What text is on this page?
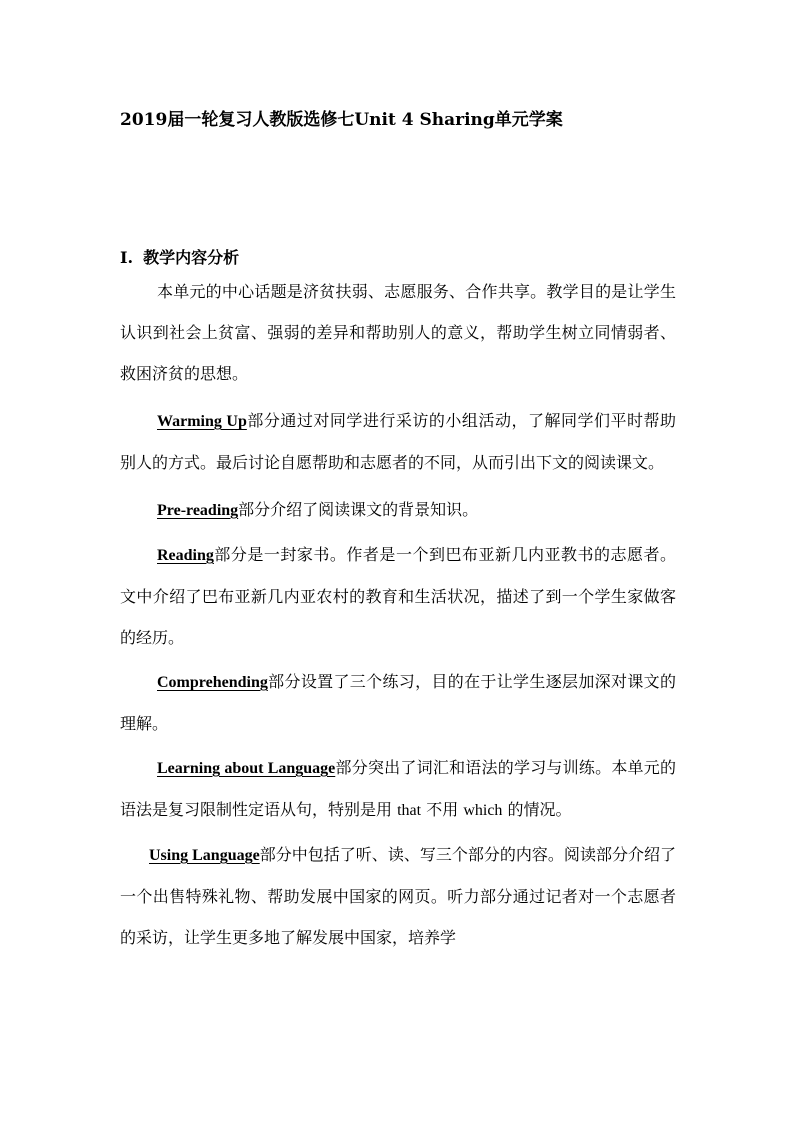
2019届一轮复习人教版选修七Unit 4 Sharing单元学案
I. 教学内容分析

本单元的中心话题是济贫扶弱、志愿服务、合作共享。教学目的是让学生认识到社会上贫富、强弱的差异和帮助别人的意义，帮助学生树立同情弱者、救困济贫的思想。

Warming Up部分通过对同学进行采访的小组活动，了解同学们平时帮助别人的方式。最后讨论自愿帮助和志愿者的不同，从而引出下文的阅读课文。

Pre-reading部分介绍了阅读课文的背景知识。

Reading部分是一封家书。作者是一个到巴布亚新几内亚教书的志愿者。文中介绍了巴布亚新几内亚农村的教育和生活状况，描述了到一个学生家做客的经历。

Comprehending部分设置了三个练习，目的在于让学生逐层加深对课文的理解。

Learning about Language部分突出了词汇和语法的学习与训练。本单元的语法是复习限制性定语从句，特别是用 that 不用 which 的情况。

Using Language部分中包括了听、读、写三个部分的内容。阅读部分介绍了一个出售特殊礼物、帮助发展中国家的网页。听力部分通过记者对一个志愿者的采访，让学生更多地了解发展中国家，培养学
